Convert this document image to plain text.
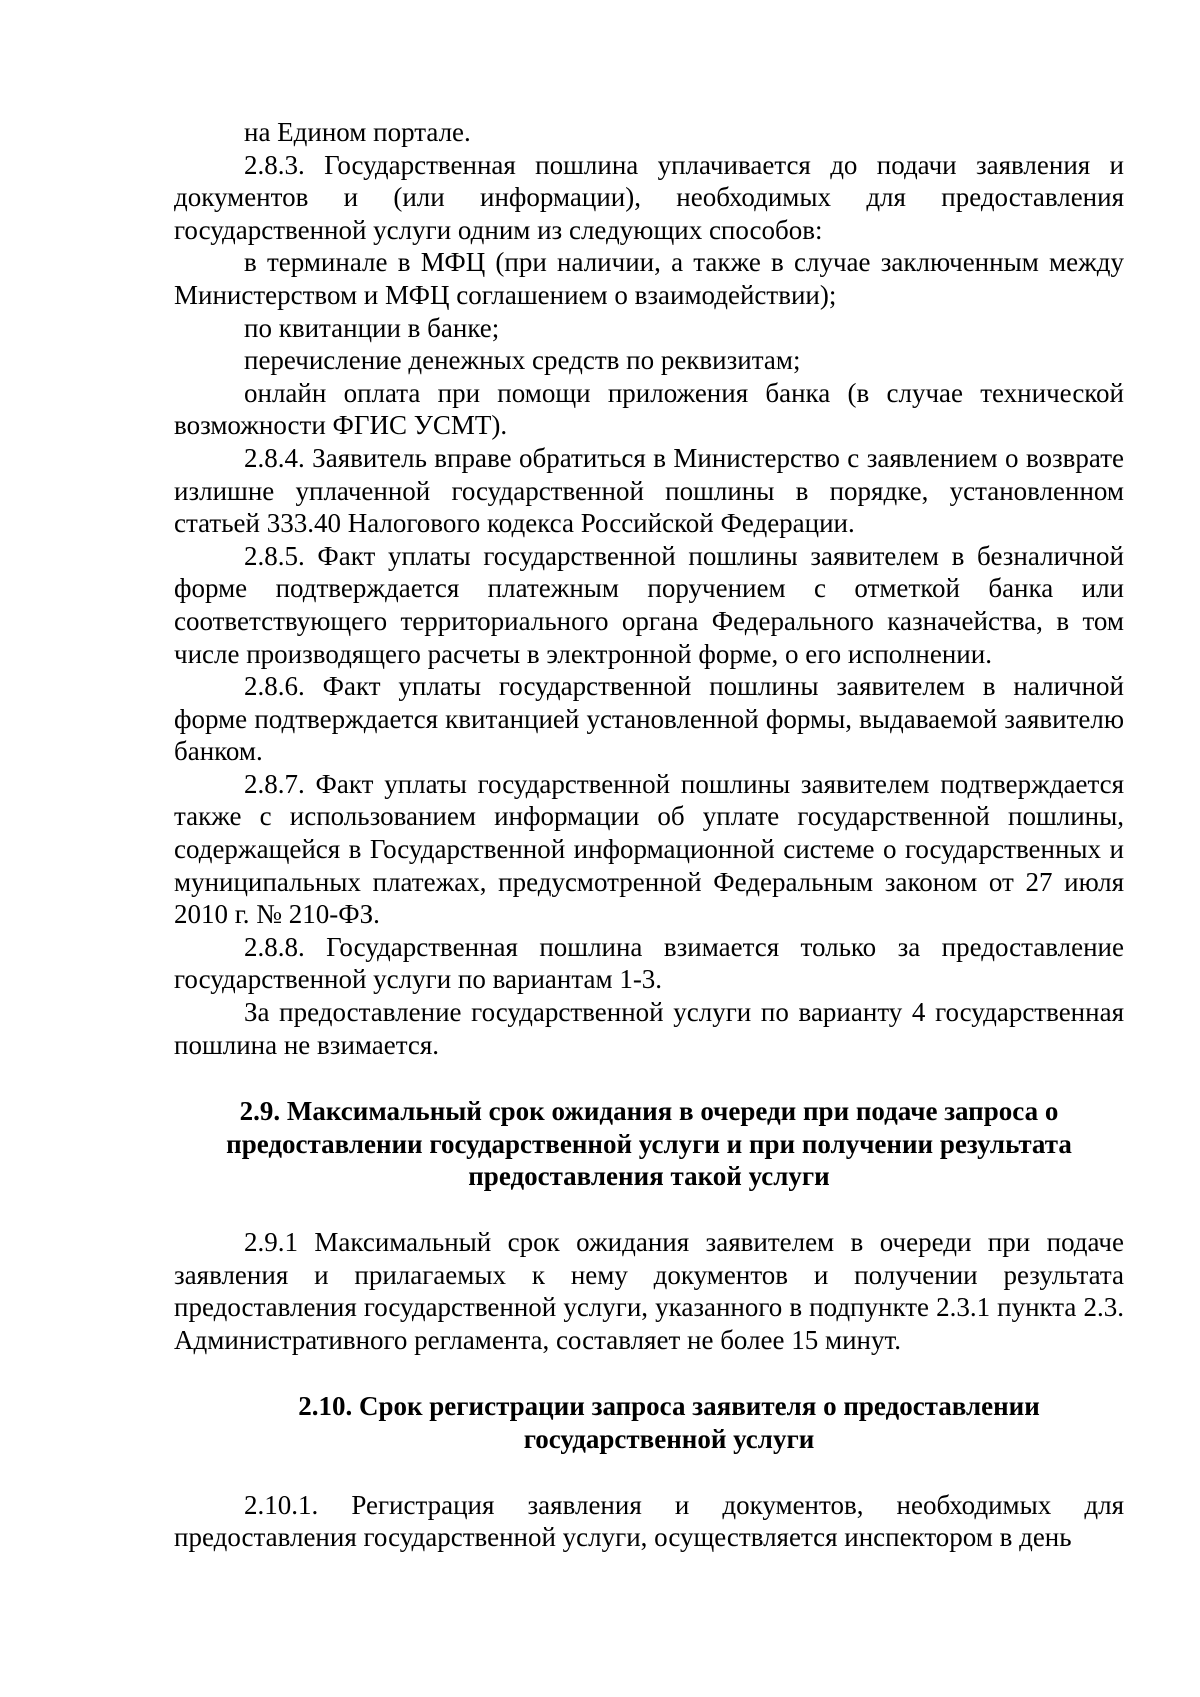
на Едином портале.

2.8.3. Государственная пошлина уплачивается до подачи заявления и документов и (или информации), необходимых для предоставления государственной услуги одним из следующих способов:

в терминале в МФЦ (при наличии, а также в случае заключенным между Министерством и МФЦ соглашением о взаимодействии);

по квитанции в банке;

перечисление денежных средств по реквизитам;

онлайн оплата при помощи приложения банка (в случае технической возможности ФГИС УСМТ).

2.8.4. Заявитель вправе обратиться в Министерство с заявлением о возврате излишне уплаченной государственной пошлины в порядке, установленном статьей 333.40 Налогового кодекса Российской Федерации.

2.8.5. Факт уплаты государственной пошлины заявителем в безналичной форме подтверждается платежным поручением с отметкой банка или соответствующего территориального органа Федерального казначейства, в том числе производящего расчеты в электронной форме, о его исполнении.

2.8.6. Факт уплаты государственной пошлины заявителем в наличной форме подтверждается квитанцией установленной формы, выдаваемой заявителю банком.

2.8.7. Факт уплаты государственной пошлины заявителем подтверждается также с использованием информации об уплате государственной пошлины, содержащейся в Государственной информационной системе о государственных и муниципальных платежах, предусмотренной Федеральным законом от 27 июля 2010 г. № 210-ФЗ.

2.8.8. Государственная пошлина взимается только за предоставление государственной услуги по вариантам 1-3.

За предоставление государственной услуги по варианту 4 государственная пошлина не взимается.

2.9. Максимальный срок ожидания в очереди при подаче запроса о предоставлении государственной услуги и при получении результата предоставления такой услуги

2.9.1 Максимальный срок ожидания заявителем в очереди при подаче заявления и прилагаемых к нему документов и получении результата предоставления государственной услуги, указанного в подпункте 2.3.1 пункта 2.3. Административного регламента, составляет не более 15 минут.

2.10. Срок регистрации запроса заявителя о предоставлении государственной услуги

2.10.1. Регистрация заявления и документов, необходимых для предоставления государственной услуги, осуществляется инспектором в день
